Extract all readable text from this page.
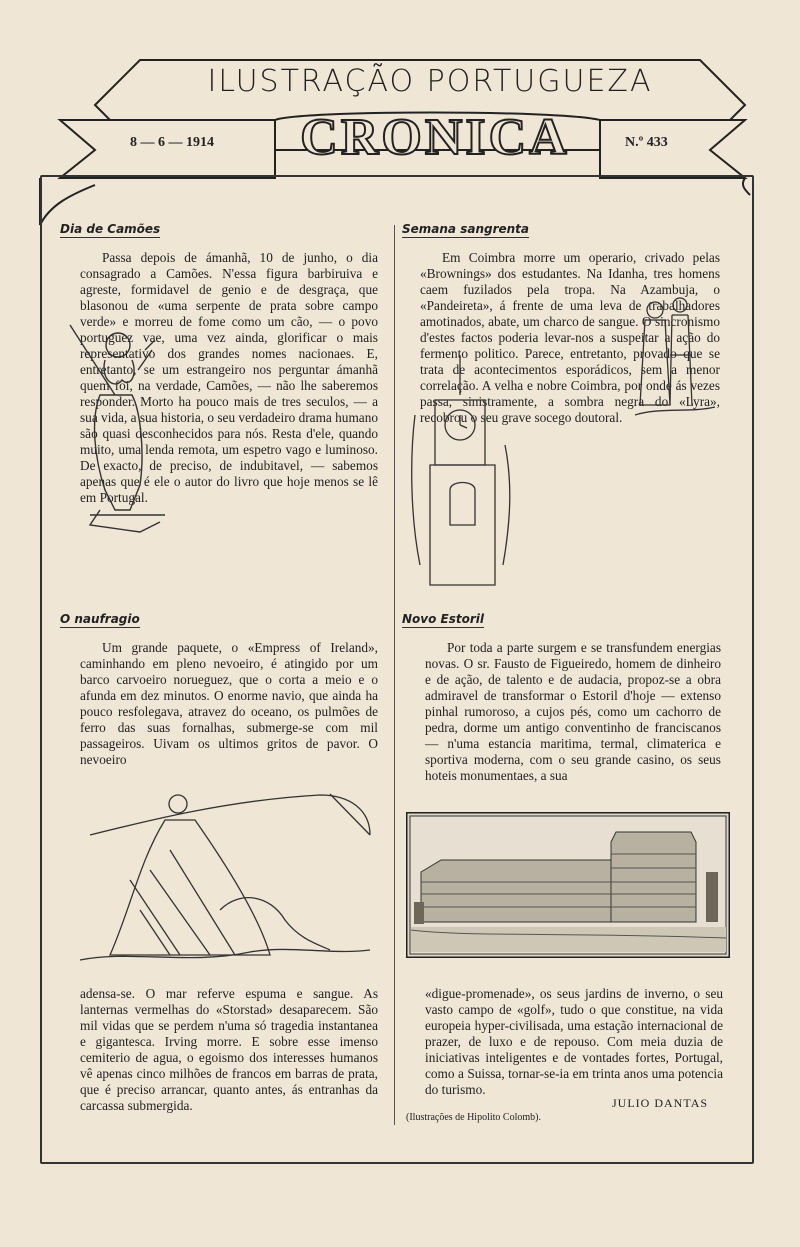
ILUSTRAÇÃO PORTUGUEZA
CRONICA
8 — 6 — 1914	N.º 433
Dia de Camões

Passa depois de ámanhã, 10 de junho, o dia consagrado a Camões. N'essa figura barbiruiva e agreste, formidavel de genio e de desgraça, que blasonou de «uma serpente de prata sobre campo verde» e morreu de fome como um cão, — o povo portuguez vae, uma vez ainda, glorificar o mais representativo dos grandes nomes nacionaes. E, entretanto, se um estrangeiro nos perguntar ámanhã quem foi, na verdade, Camões, — não lhe saberemos responder. Morto ha pouco mais de tres seculos, — a sua vida, a sua historia, o seu verdadeiro drama humano são quasi desconhecidos para nós. Resta d'ele, quando muito, uma lenda remota, um espetro vago e luminoso. De exacto, de preciso, de indubitavel, — sabemos apenas que é ele o autor do livro que hoje menos se lê em Portugal.

O naufragio

Um grande paquete, o «Empress of Ireland», caminhando em pleno nevoeiro, é atingido por um barco carvoeiro norueguez, que o corta a meio e o afunda em dez minutos. O enorme navio, que ainda ha pouco resfolegava, atravez do oceano, os pulmões de ferro das suas fornalhas, submerge-se com mil passageiros. Uivam os ultimos gritos de pavor. O nevoeiro

adensa-se. O mar referve espuma e sangue. As lanternas vermelhas do «Storstad» desaparecem. São mil vidas que se perdem n'uma só tragedia instantanea e gigantesca. Irving morre. E sobre esse imenso cemiterio de agua, o egoismo dos interesses humanos vê apenas cinco milhões de francos em barras de prata, que é preciso arrancar, quanto antes, ás entranhas da carcassa submergida.

Semana sangrenta

Em Coimbra morre um operario, crivado pelas «Brownings» dos estudantes. Na Idanha, tres homens caem fuzilados pela tropa. Na Azambuja, o «Pandeireta», á frente de uma leva de trabalhadores amotinados, abate, um charco de sangue. O sincronismo d'estes factos poderia levar-nos a suspeitar a ação do fermento politico. Parece, entretanto, provado que se trata de acontecimentos esporádicos, sem a menor correlação. A velha e nobre Coimbra, por onde ás vezes passa, sinistramente, a sombra negra do «Lyra», recobrou o seu grave socego doutoral.

Novo Estoril

Por toda a parte surgem e se transfundem energias novas. O sr. Fausto de Figueiredo, homem de dinheiro e de ação, de talento e de audacia, propoz-se a obra admiravel de transformar o Estoril d'hoje — extenso pinhal rumoroso, a cujos pés, como um cachorro de pedra, dorme um antigo conventinho de franciscanos — n'uma estancia maritima, termal, climaterica e sportiva moderna, com o seu grande casino, os seus hoteis monumentaes, a sua

«digue-promenade», os seus jardins de inverno, o seu vasto campo de «golf», tudo o que constitue, na vida europeia hyper-civilisada, uma estação internacional de prazer, de luxo e de repouso. Com meia duzia de iniciativas inteligentes e de vontades fortes, Portugal, como a Suissa, tornar-se-ia em trinta anos uma potencia do turismo.

JULIO DANTAS
(Ilustrações de Hipolito Colomb).
